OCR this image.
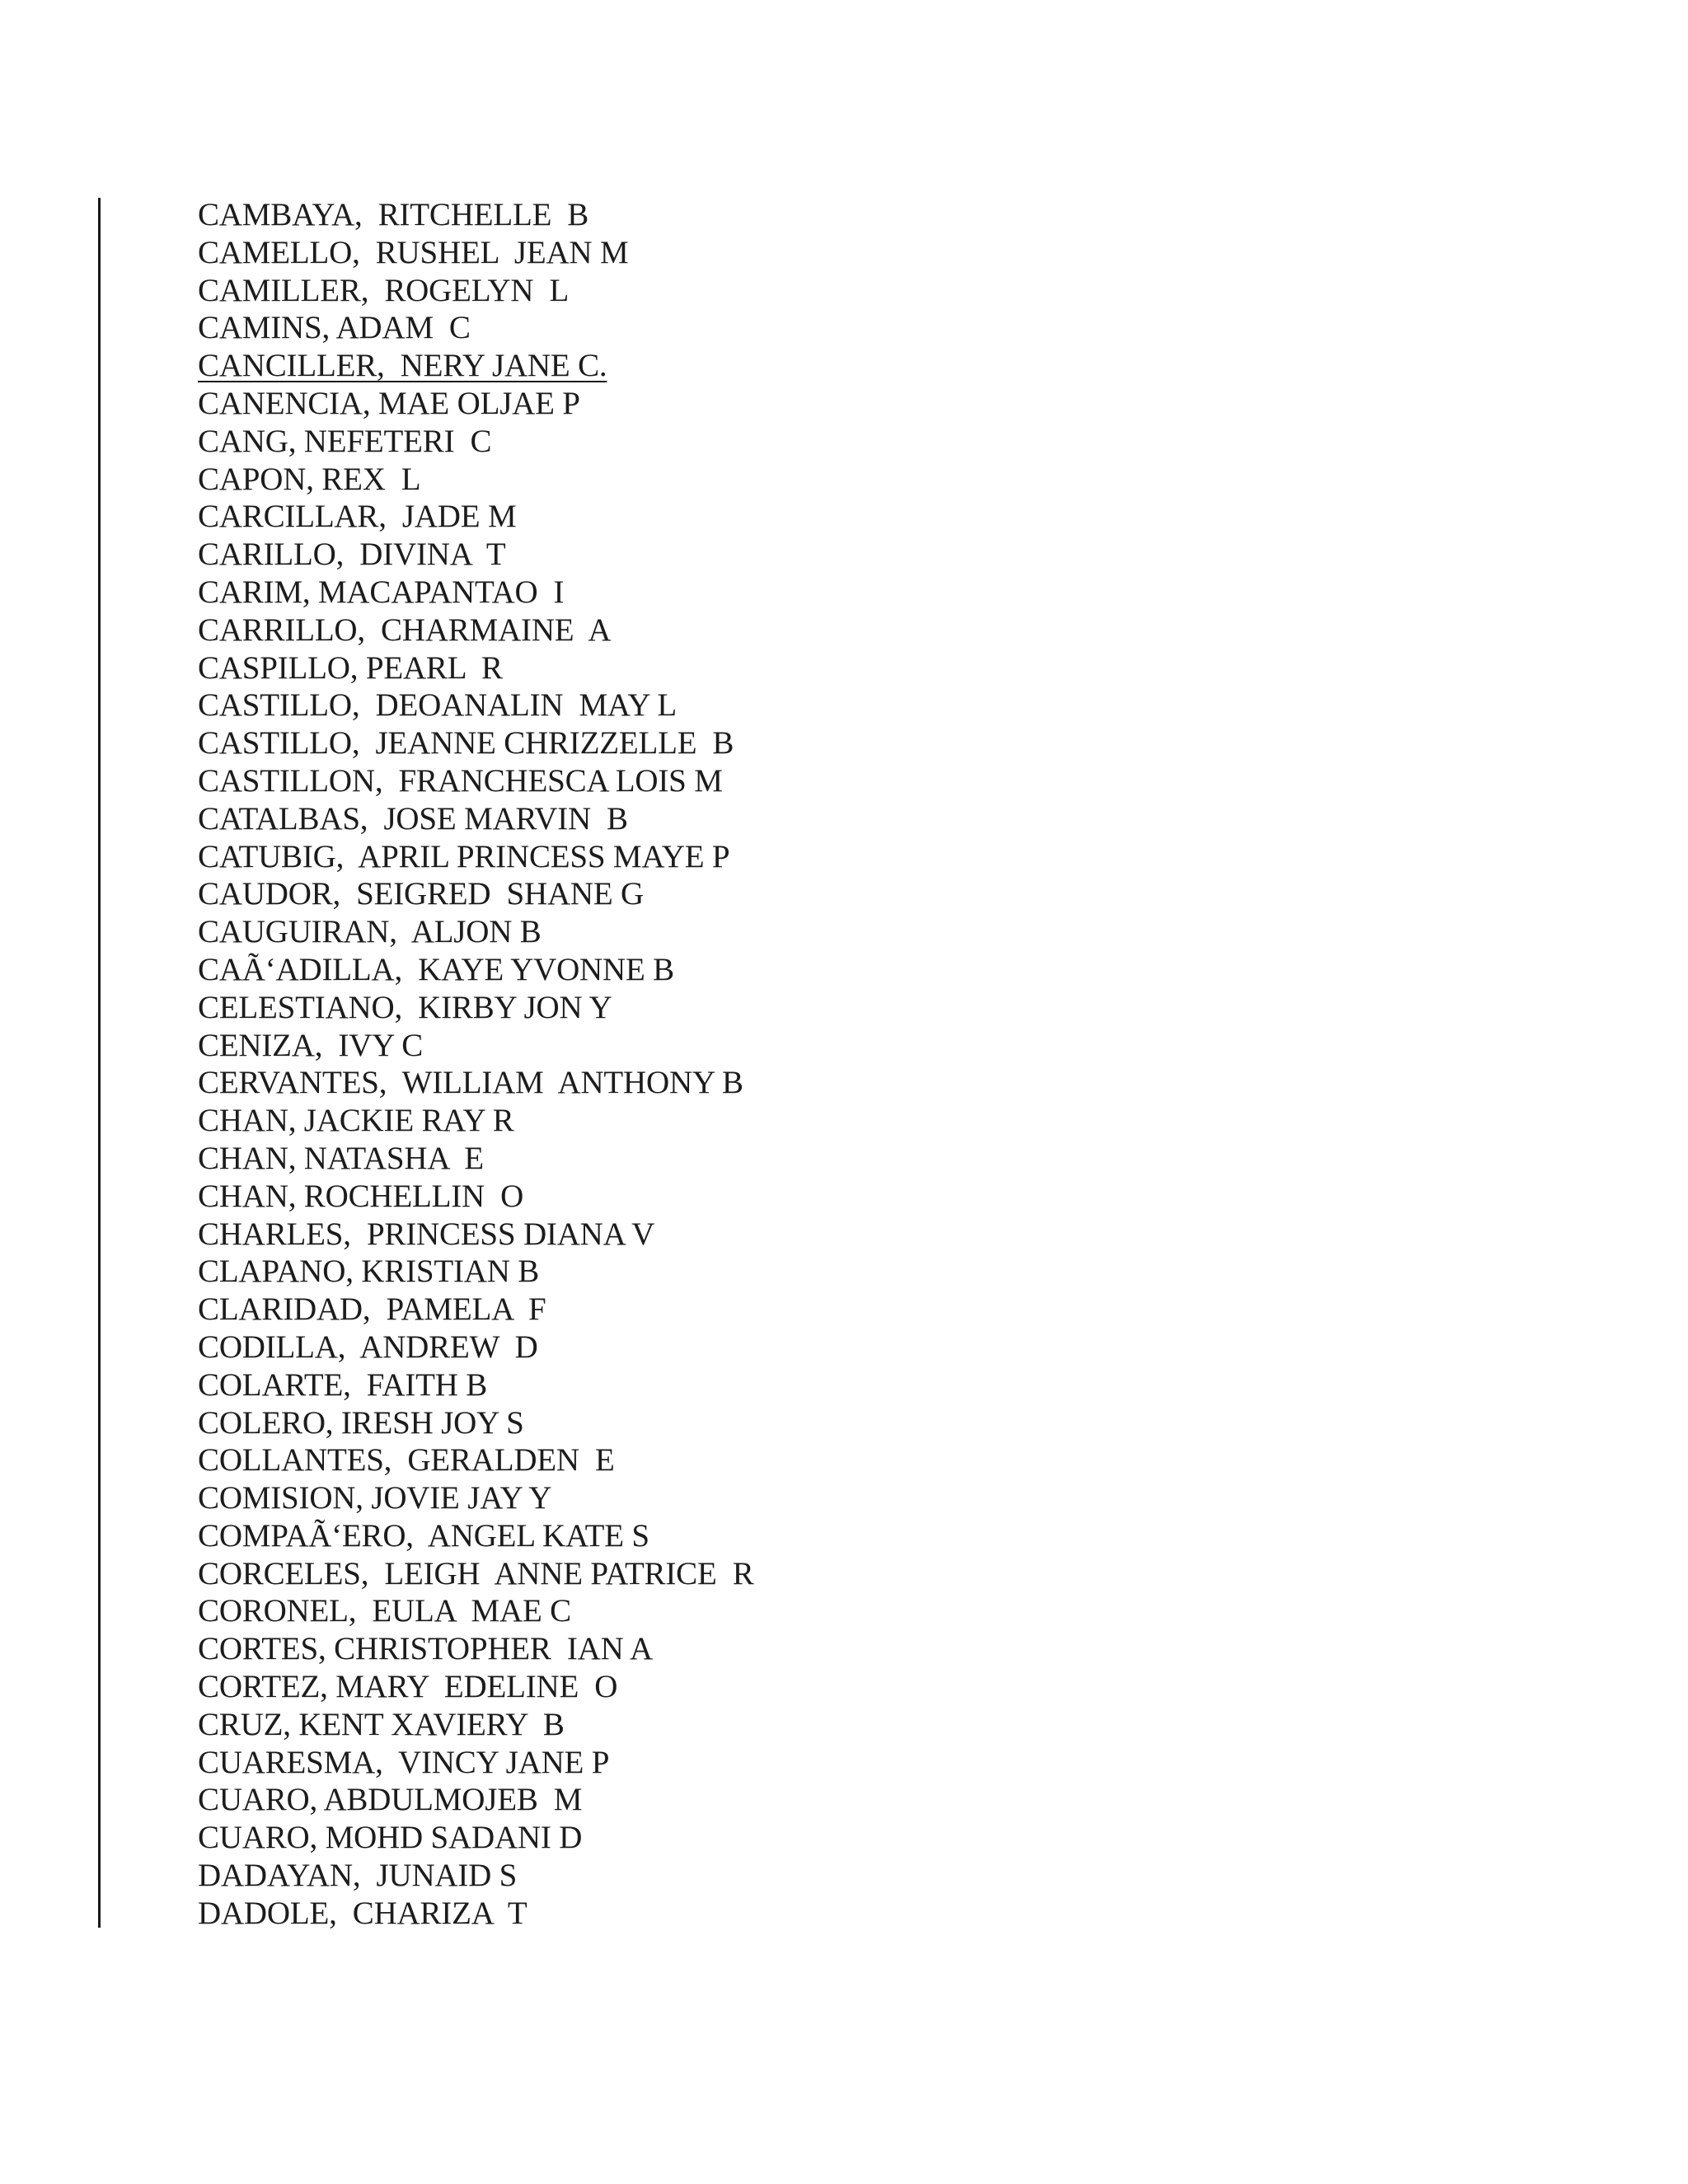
CAMBAYA,  RITCHELLE  B
CAMELLO,  RUSHEL  JEAN M
CAMILLER,  ROGELYN  L
CAMINS, ADAM  C
CANCILLER,  NERY JANE C.
CANENCIA, MAE OLJAE P
CANG, NEFETERI  C
CAPON, REX  L
CARCILLAR,  JADE M
CARILLO,  DIVINA  T
CARIM, MACAPANTAO  I
CARRILLO,  CHARMAINE  A
CASPILLO, PEARL  R
CASTILLO,  DEOANALIN  MAY L
CASTILLO,  JEANNE CHRIZZELLE  B
CASTILLON,  FRANCHESCA LOIS M
CATALBAS,  JOSE MARVIN  B
CATUBIG,  APRIL PRINCESS MAYE P
CAUDOR,  SEIGRED  SHANE G
CAUGUIRAN,  ALJON B
CAÃ‘ADILLA,  KAYE YVONNE B
CELESTIANO,  KIRBY JON Y
CENIZA,  IVY C
CERVANTES,  WILLIAM  ANTHONY B
CHAN, JACKIE RAY R
CHAN, NATASHA  E
CHAN, ROCHELLIN  O
CHARLES,  PRINCESS DIANA V
CLAPANO, KRISTIAN B
CLARIDAD,  PAMELA  F
CODILLA,  ANDREW  D
COLARTE,  FAITH B
COLERO, IRESH JOY S
COLLANTES,  GERALDEN  E
COMISION, JOVIE JAY Y
COMPAÃ‘ERO,  ANGEL KATE S
CORCELES,  LEIGH  ANNE PATRICE  R
CORONEL,  EULA  MAE C
CORTES, CHRISTOPHER  IAN A
CORTEZ, MARY  EDELINE  O
CRUZ, KENT XAVIERY  B
CUARESMA,  VINCY JANE P
CUARO, ABDULMOJEB  M
CUARO, MOHD SADANI D
DADAYAN,  JUNAID S
DADOLE,  CHARIZA  T
